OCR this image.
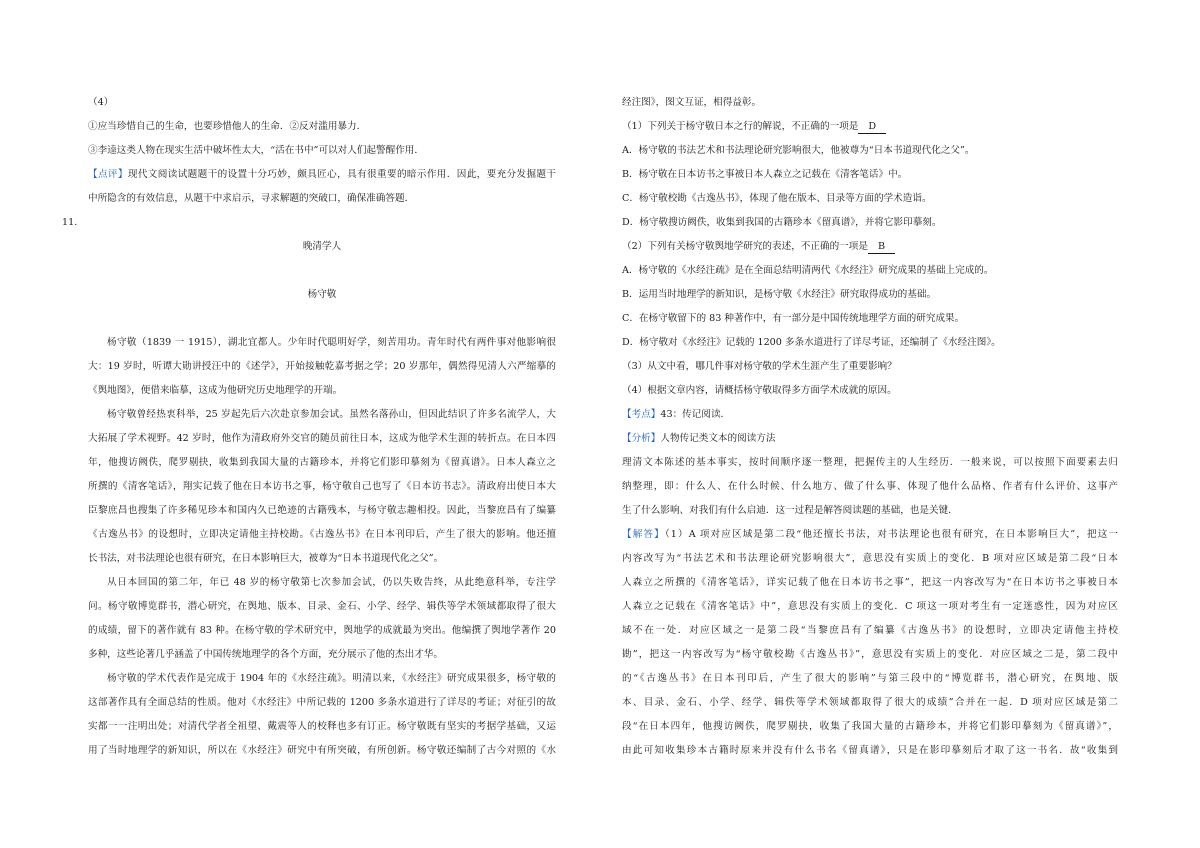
（4）
①应当珍惜自己的生命，也要珍惜他人的生命．②反对滥用暴力．
③李逵这类人物在现实生活中破坏性太大，“活在书中”可以对人们起警醒作用．
【点评】现代文阅读试题题干的设置十分巧妙，颇具匠心，具有很重要的暗示作用．因此，要充分发掘题干
中所隐含的有效信息，从题干中求启示，寻求解题的突破口，确保准确答题．
11.
晚清学人
杨守敬
杨守敬（1839 一 1915），湖北宜都人。少年时代聪明好学，刻苦用功。青年时代有两件事对他影响很
大：19 岁时，听谭大勋讲授汪中的《述学》，开始接触乾嘉考据之学；20 岁那年，偶然得见清人六严缩摹的
《舆地图》，便借来临摹，这成为他研究历史地理学的开端。
杨守敬曾经热衷科举，25 岁起先后六次赴京参加会试。虽然名落孙山，但因此结识了许多名流学人，大
大拓展了学术视野。42 岁时，他作为清政府外交官的随员前往日本，这成为他学术生涯的转折点。在日本四
年，他搜访阙佚，爬罗剔抉，收集到我国大量的古籍珍本，并将它们影印摹刻为《留真谱》。日本人森立之
所撰的《清客笔话》，翔实记载了他在日本访书之事，杨守敬自己也写了《日本访书志》。清政府出使日本大
臣黎庶昌也搜集了许多稀见珍本和国内久已绝迹的古籍残本，与杨守敬志趣相投。因此，当黎庶昌有了编纂
《古逸丛书》的设想时，立即决定请他主持校勘。《古逸丛书》在日本刊印后，产生了很大的影响。他还擅
长书法，对书法理论也很有研究，在日本影响巨大，被尊为“日本书道现代化之父”。
从日本回国的第二年，年已 48 岁的杨守敬第七次参加会试，仍以失败告终，从此绝意科举，专注学
问。杨守敬博览群书，潜心研究，在舆地、版本、目录、金石、小学、经学、辑佚等学术领域都取得了很大
的成绩，留下的著作就有 83 种。在杨守敬的学术研究中，舆地学的成就最为突出。他编撰了舆地学著作 20
多种，这些论著几乎涵盖了中国传统地理学的各个方面，充分展示了他的杰出才华。
杨守敬的学术代表作是完成于 1904 年的《水经注疏》。明清以来，《水经注》研究成果很多，杨守敬的
这部著作具有全面总结的性质。他对《水经注》中所记载的 1200 多条水道进行了详尽的考证；对征引的故
实都一一注明出处；对清代学者全祖望、戴震等人的校释也多有订正。杨守敬既有坚实的考据学基础，又运
用了当时地理学的新知识，所以在《水经注》研究中有所突破，有所创新。杨守敬还编制了古今对照的《水
经注图》，图文互证，相得益彰。
（1）下列关于杨守敬日本之行的解说，不正确的一项是 D
A．杨守敬的书法艺术和书法理论研究影响很大，他被尊为“日本书道现代化之父”。
B．杨守敬在日本访书之事被日本人森立之记载在《清客笔话》中。
C．杨守敬校勘《古逸丛书》，体现了他在版本、目录等方面的学术造诣。
D．杨守敬搜访阙佚，收集到我国的古籍珍本《留真谱》，并将它影印摹刻。
（2）下列有关杨守敬舆地学研究的表述，不正确的一项是 B
A．杨守敬的《水经注疏》是在全面总结明清两代《水经注》研究成果的基础上完成的。
B．运用当时地理学的新知识，是杨守敬《水经注》研究取得成功的基础。
C．在杨守敬留下的 83 种著作中，有一部分是中国传统地理学方面的研究成果。
D．杨守敬对《水经注》记载的 1200 多条水道进行了详尽考证，还编制了《水经注图》。
（3）从文中看，哪几件事对杨守敬的学术生涯产生了重要影响？
（4）根据文章内容，请概括杨守敬取得多方面学术成就的原因。
【考点】43：传记阅读．
【分析】人物传记类文本的阅读方法
理清文本陈述的基本事实，按时间顺序逐一整理，把握传主的人生经历．一般来说，可以按照下面要素去归
纳整理，即：什么人、在什么时候、什么地方、做了什么事、体现了他什么品格、作者有什么评价、这事产
生了什么影响、对我们有什么启迪．这一过程是解答阅读题的基础，也是关键．
【解答】（1）A 项对应区域是第二段“他还擅长书法，对书法理论也很有研究，在日本影响巨大”，把这一
内容改写为“书法艺术和书法理论研究影响很大”，意思没有实质上的变化．B 项对应区域是第二段“日本
人森立之所撰的《清客笔话》，详实记载了他在日本访书之事”，把这一内容改写为“在日本访书之事被日本
人森立之记载在《清客笔话》中”，意思没有实质上的变化．C 项这一项对考生有一定迷惑性，因为对应区
域不在一处．对应区域之一是第二段“当黎庶昌有了编纂《古逸丛书》的设想时，立即决定请他主持校
勘”，把这一内容改写为“杨守敬校勘《古逸丛书》”，意思没有实质上的变化．对应区域之二是，第二段中
的“《古逸丛书》在日本刊印后，产生了很大的影响”与第三段中的“博览群书，潜心研究，在舆地、版
本、目录、金石、小学、经学、辑佚等学术领域都取得了很大的成绩”合并在一起．D 项对应区域是第二
段“在日本四年，他搜访阙佚，爬罗剔抉，收集了我国大量的古籍珍本，并将它们影印摹刻为《留真谱》”，
由此可知收集珍本古籍时原来并没有什么书名《留真谱》，只是在影印摹刻后才取了这一书名．故“收集到
